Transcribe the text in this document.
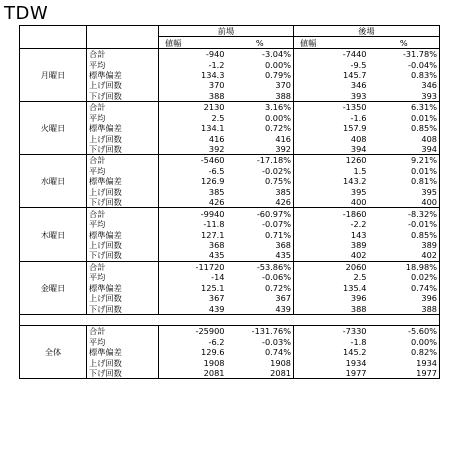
TDW
		前場		後場	
		値幅	%	値幅	%
月曜日	合計	-940	-3.04%	-7440	-31.78%
	平均	-1.2	0.00%	-9.5	-0.04%
	標準偏差	134.3	0.79%	145.7	0.83%
	上げ回数	370	370	346	346
	下げ回数	388	388	393	393
火曜日	合計	2130	3.16%	-1350	6.31%
	平均	2.5	0.00%	-1.6	0.01%
	標準偏差	134.1	0.72%	157.9	0.85%
	上げ回数	416	416	408	408
	下げ回数	392	392	394	394
水曜日	合計	-5460	-17.18%	1260	9.21%
	平均	-6.5	-0.02%	1.5	0.01%
	標準偏差	126.9	0.75%	143.2	0.81%
	上げ回数	385	385	395	395
	下げ回数	426	426	400	400
木曜日	合計	-9940	-60.97%	-1860	-8.32%
	平均	-11.8	-0.07%	-2.2	-0.01%
	標準偏差	127.1	0.71%	143	0.85%
	上げ回数	368	368	389	389
	下げ回数	435	435	402	402
金曜日	合計	-11720	-53.86%	2060	18.98%
	平均	-14	-0.06%	2.5	0.02%
	標準偏差	125.1	0.72%	135.4	0.74%
	上げ回数	367	367	396	396
	下げ回数	439	439	388	388

全体	合計	-25900	-131.76%	-7330	-5.60%
	平均	-6.2	-0.03%	-1.8	0.00%
	標準偏差	129.6	0.74%	145.2	0.82%
	上げ回数	1908	1908	1934	1934
	下げ回数	2081	2081	1977	1977
